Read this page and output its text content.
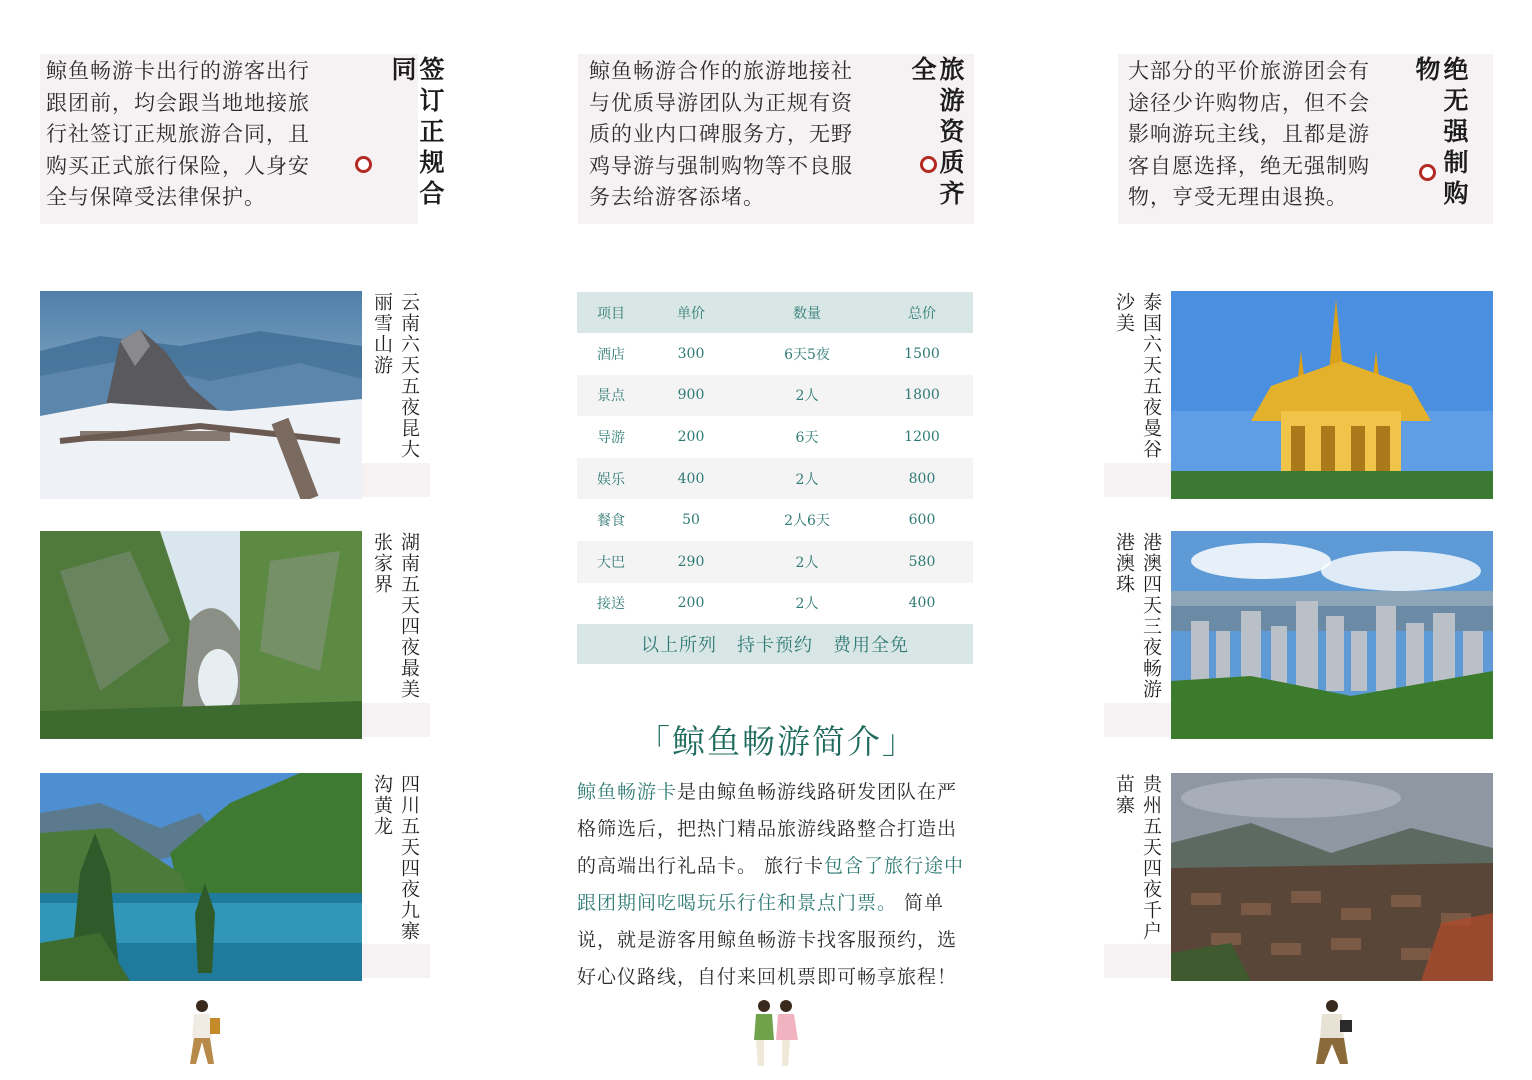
鲸鱼畅游卡出行的游客出行跟团前，均会跟当地地接旅行社签订正规旅游合同，且购买正式旅行保险，人身安全与保障受法律保护。	签订正规合同	鲸鱼畅游合作的旅游地接社与优质导游团队为正规有资质的业内口碑服务方，无野鸡导游与强制购物等不良服务去给游客添堵。	旅游资质齐全	大部分的平价旅游团会有途径少许购物店，但不会影响游玩主线，且都是游客自愿选择，绝无强制购物，亨受无理由退换。	绝无强制购物
云南六天五夜昆大丽雪山游
湖南五天四夜最美张家界
四川五天四夜九寨沟黄龙
泰国六天五夜曼谷沙美
港澳四天三夜畅游港澳珠
贵州五天四夜千户苗寨
项目	单价	数量	总价
酒店	300	6天5夜	1500
景点	900	2人	1800
导游	200	6天	1200
娱乐	400	2人	800
餐食	50	2人6天	600
大巴	290	2人	580
接送	200	2人	400
以上所列 持卡预约 费用全免
「鲸鱼畅游简介」
鲸鱼畅游卡是由鲸鱼畅游线路研发团队在严格筛选后，把热门精品旅游线路整合打造出的高端出行礼品卡。 旅行卡包含了旅行途中跟团期间吃喝玩乐行住和景点门票。 简单说，就是游客用鲸鱼畅游卡找客服预约，选好心仪路线，自付来回机票即可畅享旅程！
